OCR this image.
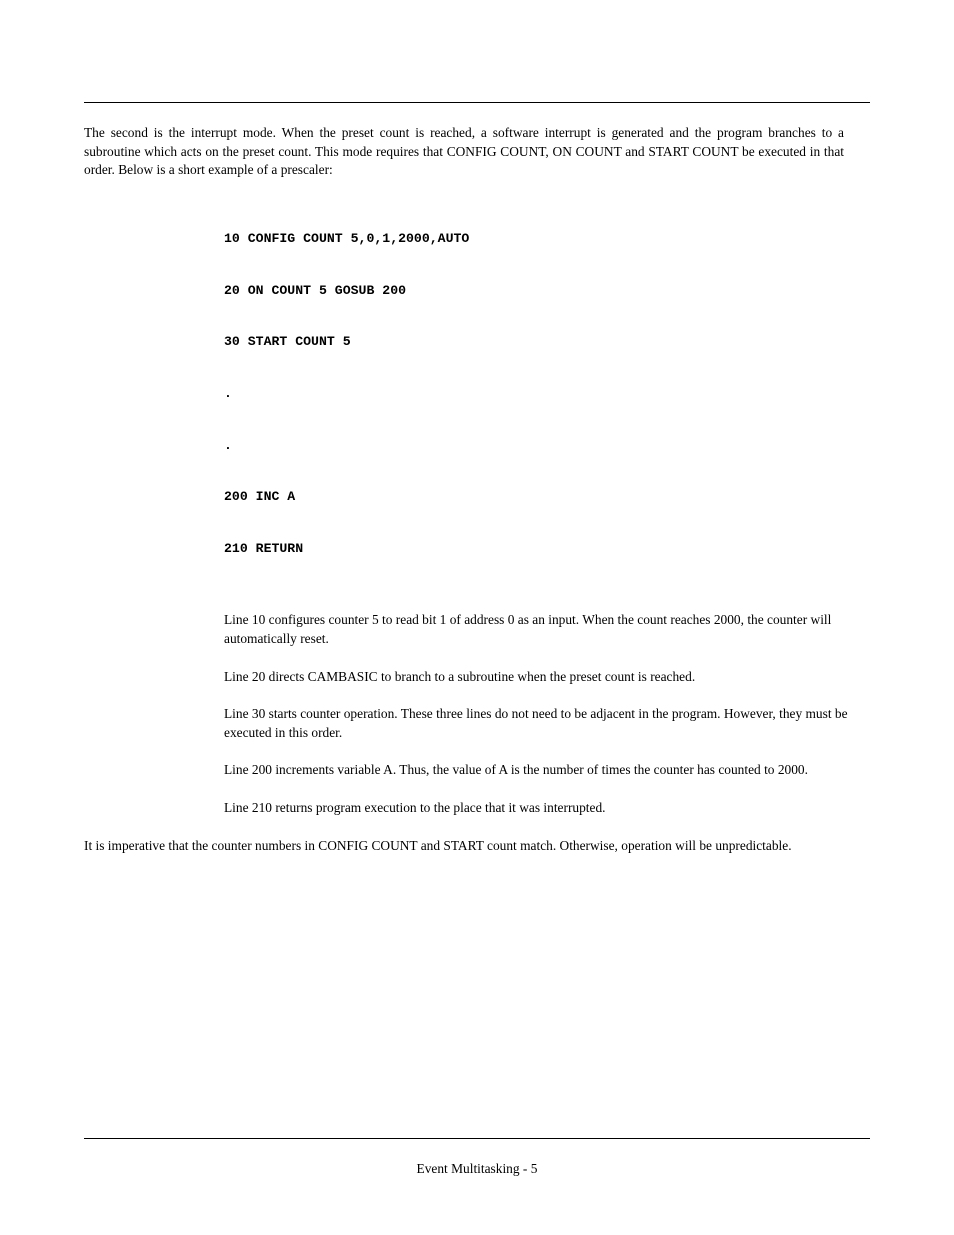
The second is the interrupt mode. When the preset count is reached, a software interrupt is generated and the program branches to a subroutine which acts on the preset count. This mode requires that CONFIG COUNT, ON COUNT and START COUNT be executed in that order. Below is a short example of a prescaler:

10 CONFIG COUNT 5,0,1,2000,AUTO

20 ON COUNT 5 GOSUB 200

30 START COUNT 5

.

.

200 INC A

210 RETURN

Line 10 configures counter 5 to read bit 1 of address 0 as an input. When the count reaches 2000, the counter will automatically reset.

Line 20 directs CAMBASIC to branch to a subroutine when the preset count is reached.

Line 30 starts counter operation. These three lines do not need to be adjacent in the program. However, they must be executed in this order.

Line 200 increments variable A. Thus, the value of A is the number of times the counter has counted to 2000.

Line 210 returns program execution to the place that it was interrupted.

It is imperative that the counter numbers in CONFIG COUNT and START count match. Otherwise, operation will be unpredictable.

Event Multitasking - 5
